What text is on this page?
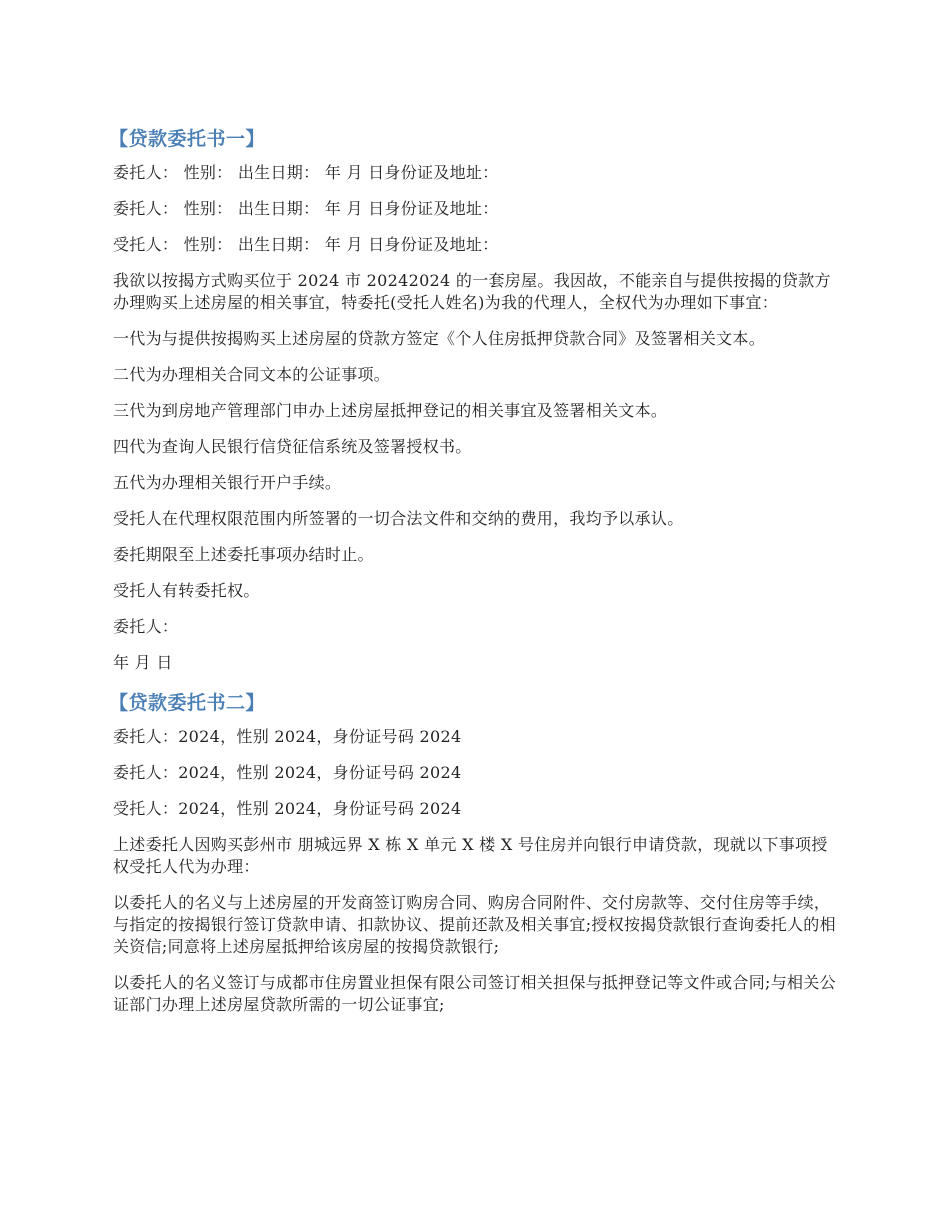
【贷款委托书一】
委托人： 性别： 出生日期： 年 月 日身份证及地址：
委托人： 性别： 出生日期： 年 月 日身份证及地址：
受托人： 性别： 出生日期： 年 月 日身份证及地址：
我欲以按揭方式购买位于 2024 市 20242024 的一套房屋。我因故，不能亲自与提供按揭的贷款方办理购买上述房屋的相关事宜，特委托(受托人姓名)为我的代理人，全权代为办理如下事宜：
一代为与提供按揭购买上述房屋的贷款方签定《个人住房抵押贷款合同》及签署相关文本。
二代为办理相关合同文本的公证事项。
三代为到房地产管理部门申办上述房屋抵押登记的相关事宜及签署相关文本。
四代为查询人民银行信贷征信系统及签署授权书。
五代为办理相关银行开户手续。
受托人在代理权限范围内所签署的一切合法文件和交纳的费用，我均予以承认。
委托期限至上述委托事项办结时止。
受托人有转委托权。
委托人：
年 月 日
【贷款委托书二】
委托人：2024，性别 2024，身份证号码 2024
委托人：2024，性别 2024，身份证号码 2024
受托人：2024，性别 2024，身份证号码 2024
上述委托人因购买彭州市 朋城远界 X 栋 X 单元 X 楼 X 号住房并向银行申请贷款，现就以下事项授权受托人代为办理：
以委托人的名义与上述房屋的开发商签订购房合同、购房合同附件、交付房款等、交付住房等手续，与指定的按揭银行签订贷款申请、扣款协议、提前还款及相关事宜;授权按揭贷款银行查询委托人的相关资信;同意将上述房屋抵押给该房屋的按揭贷款银行;
以委托人的名义签订与成都市住房置业担保有限公司签订相关担保与抵押登记等文件或合同;与相关公证部门办理上述房屋贷款所需的一切公证事宜;
